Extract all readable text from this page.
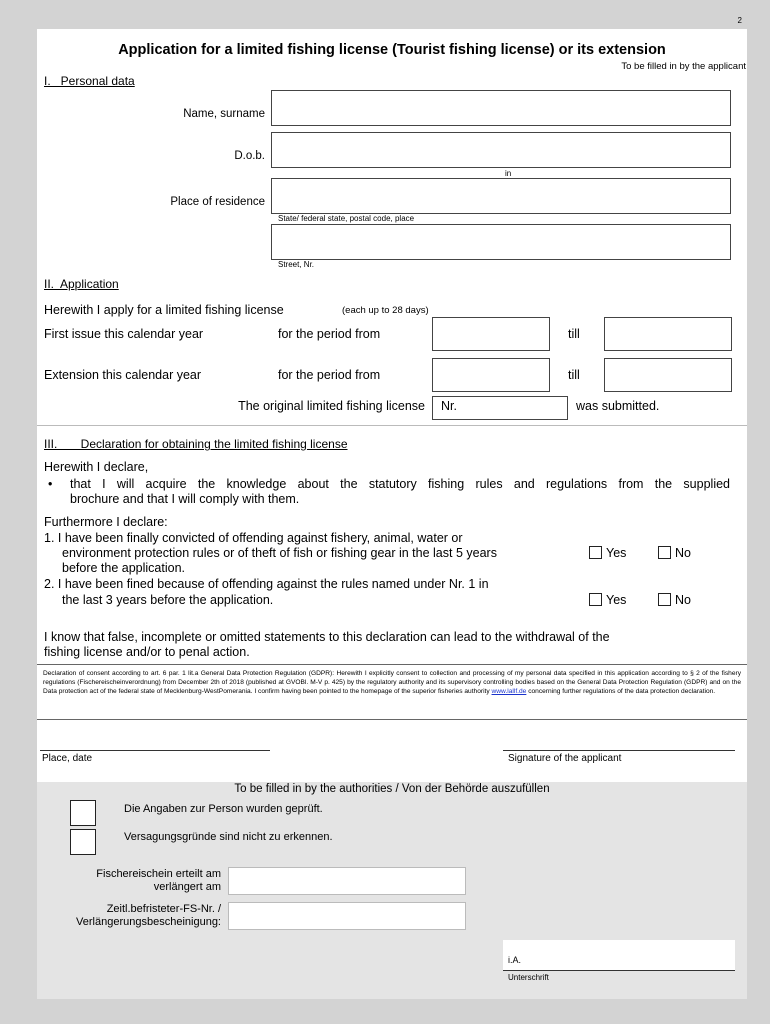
2
Application for a limited fishing license (Tourist fishing license) or its extension
To be filled in by the applicant
I.   Personal data
Name, surname
D.o.b.
in
Place of residence
State/ federal state, postal code, place
Street, Nr.
II.  Application
Herewith I apply for a limited fishing license	(each up to 28 days)
First issue this calendar year	for the period from	till
Extension this calendar year	for the period from	till
The original limited fishing license	Nr.	was submitted.
III.       Declaration for obtaining the limited fishing license
Herewith I declare,
• that I will acquire the knowledge about the statutory fishing rules and regulations from the supplied
brochure and that I will comply with them.
Furthermore I declare:
1. I have been finally convicted of offending against fishery, animal, water or
environment protection rules or of theft of fish or fishing gear in the last 5 years
before the application.
Yes	No
2. I have been fined because of offending against the rules named under Nr. 1 in
the last 3 years before the application.	Yes	No
I know that false, incomplete or omitted statements to this declaration can lead to the withdrawal of the
fishing license and/or to penal action.
Declaration of consent according to art. 6 par. 1 lit.a General Data Protection Regulation (GDPR): Herewith I explicitly consent to collection and processing of my personal data specified in this application according to § 2 of the fishery regulations (Fischereischeinverordnung) from December 2th of 2018 (published at GVOBl. M-V p. 425) by the regulatory authority and its supervisory controlling bodies based on the General Data Protection Regulation (GDPR) and on the Data protection act of the federal state of Mecklenburg-WestPomerania. I confirm having been pointed to the homepage of the superior fisheries authority www.lallf.de concerning further regulations of the data protection declaration.
Place, date	Signature of the applicant
To be filled in by the authorities / Von der Behörde auszufüllen
Die Angaben zur Person wurden geprüft.
Versagungsgründe sind nicht zu erkennen.
Fischereischein erteilt am
verlängert am
Zeitl.befristeter-FS-Nr. /
Verlängerungsbescheinigung:
i.A.
Unterschrift
